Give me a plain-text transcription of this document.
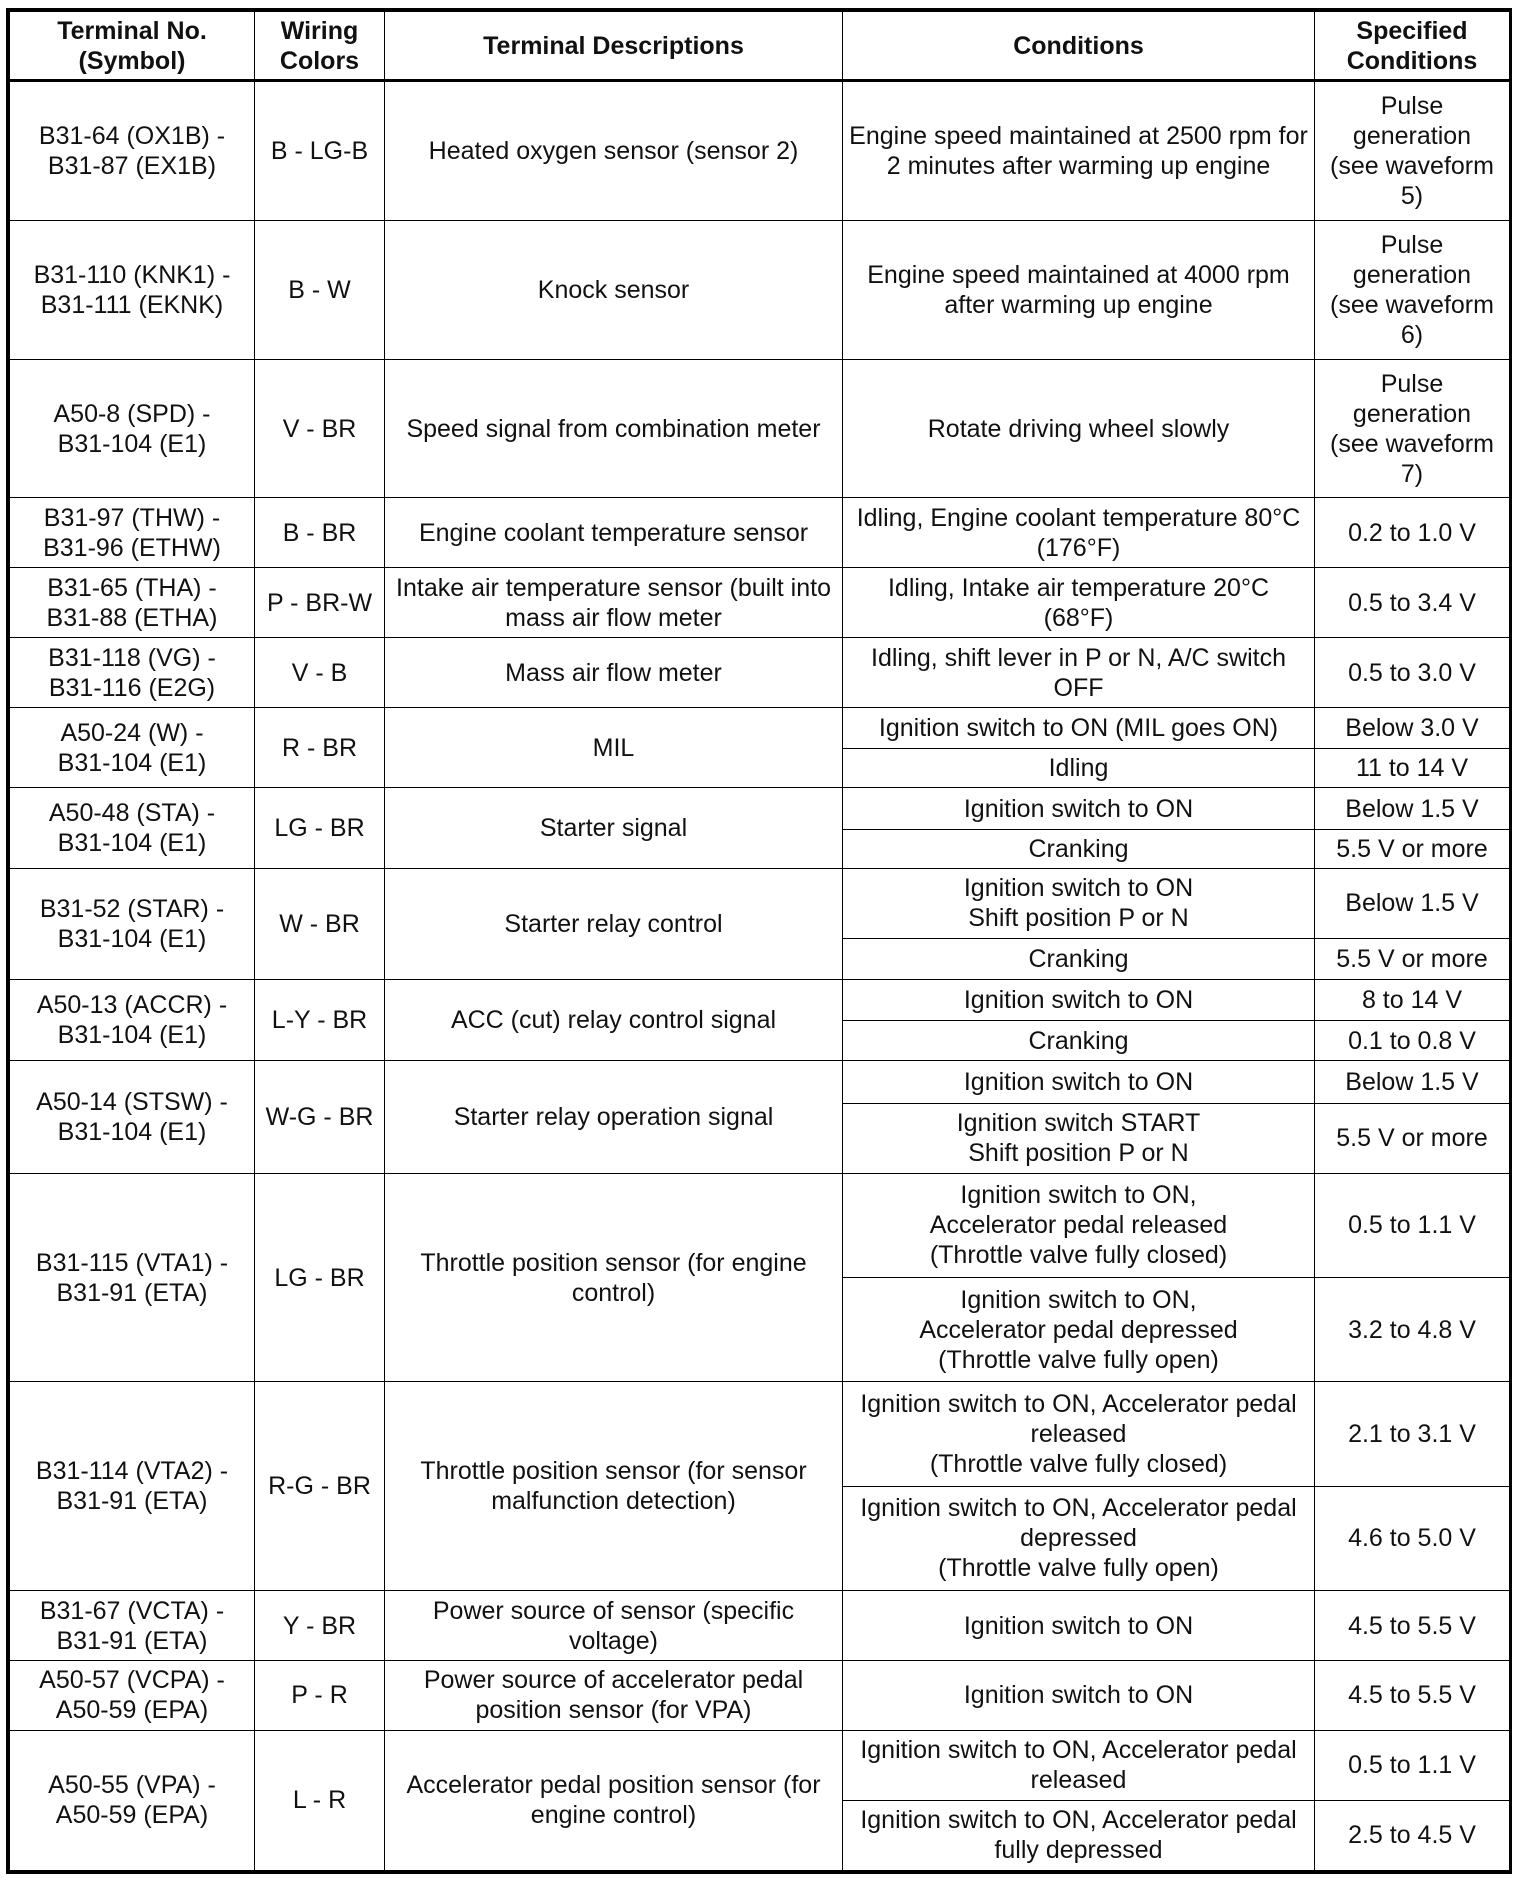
Terminal No.
(Symbol)	Wiring
Colors	Terminal Descriptions	Conditions	Specified
Conditions
B31-64 (OX1B) -
B31-87 (EX1B)	B - LG-B	Heated oxygen sensor (sensor 2)	Engine speed maintained at 2500 rpm for
2 minutes after warming up engine	Pulse
generation
(see waveform
5)
B31-110 (KNK1) -
B31-111 (EKNK)	B - W	Knock sensor	Engine speed maintained at 4000 rpm
after warming up engine	Pulse
generation
(see waveform
6)
A50-8 (SPD) -
B31-104 (E1)	V - BR	Speed signal from combination meter	Rotate driving wheel slowly	Pulse
generation
(see waveform
7)
B31-97 (THW) -
B31-96 (ETHW)	B - BR	Engine coolant temperature sensor	Idling, Engine coolant temperature 80°C
(176°F)	0.2 to 1.0 V
B31-65 (THA) -
B31-88 (ETHA)	P - BR-W	Intake air temperature sensor (built into
mass air flow meter	Idling, Intake air temperature 20°C
(68°F)	0.5 to 3.4 V
B31-118 (VG) -
B31-116 (E2G)	V - B	Mass air flow meter	Idling, shift lever in P or N, A/C switch
OFF	0.5 to 3.0 V
A50-24 (W) -
B31-104 (E1)	R - BR	MIL	Ignition switch to ON (MIL goes ON)	Below 3.0 V
			Idling	11 to 14 V
A50-48 (STA) -
B31-104 (E1)	LG - BR	Starter signal	Ignition switch to ON	Below 1.5 V
			Cranking	5.5 V or more
B31-52 (STAR) -
B31-104 (E1)	W - BR	Starter relay control	Ignition switch to ON
Shift position P or N	Below 1.5 V
			Cranking	5.5 V or more
A50-13 (ACCR) -
B31-104 (E1)	L-Y - BR	ACC (cut) relay control signal	Ignition switch to ON	8 to 14 V
			Cranking	0.1 to 0.8 V
A50-14 (STSW) -
B31-104 (E1)	W-G - BR	Starter relay operation signal	Ignition switch to ON	Below 1.5 V
			Ignition switch START
Shift position P or N	5.5 V or more
B31-115 (VTA1) -
B31-91 (ETA)	LG - BR	Throttle position sensor (for engine
control)	Ignition switch to ON,
Accelerator pedal released
(Throttle valve fully closed)	0.5 to 1.1 V
			Ignition switch to ON,
Accelerator pedal depressed
(Throttle valve fully open)	3.2 to 4.8 V
B31-114 (VTA2) -
B31-91 (ETA)	R-G - BR	Throttle position sensor (for sensor
malfunction detection)	Ignition switch to ON, Accelerator pedal
released
(Throttle valve fully closed)	2.1 to 3.1 V
			Ignition switch to ON, Accelerator pedal
depressed
(Throttle valve fully open)	4.6 to 5.0 V
B31-67 (VCTA) -
B31-91 (ETA)	Y - BR	Power source of sensor (specific
voltage)	Ignition switch to ON	4.5 to 5.5 V
A50-57 (VCPA) -
A50-59 (EPA)	P - R	Power source of accelerator pedal
position sensor (for VPA)	Ignition switch to ON	4.5 to 5.5 V
A50-55 (VPA) -
A50-59 (EPA)	L - R	Accelerator pedal position sensor (for
engine control)	Ignition switch to ON, Accelerator pedal
released	0.5 to 1.1 V
			Ignition switch to ON, Accelerator pedal
fully depressed	2.5 to 4.5 V
